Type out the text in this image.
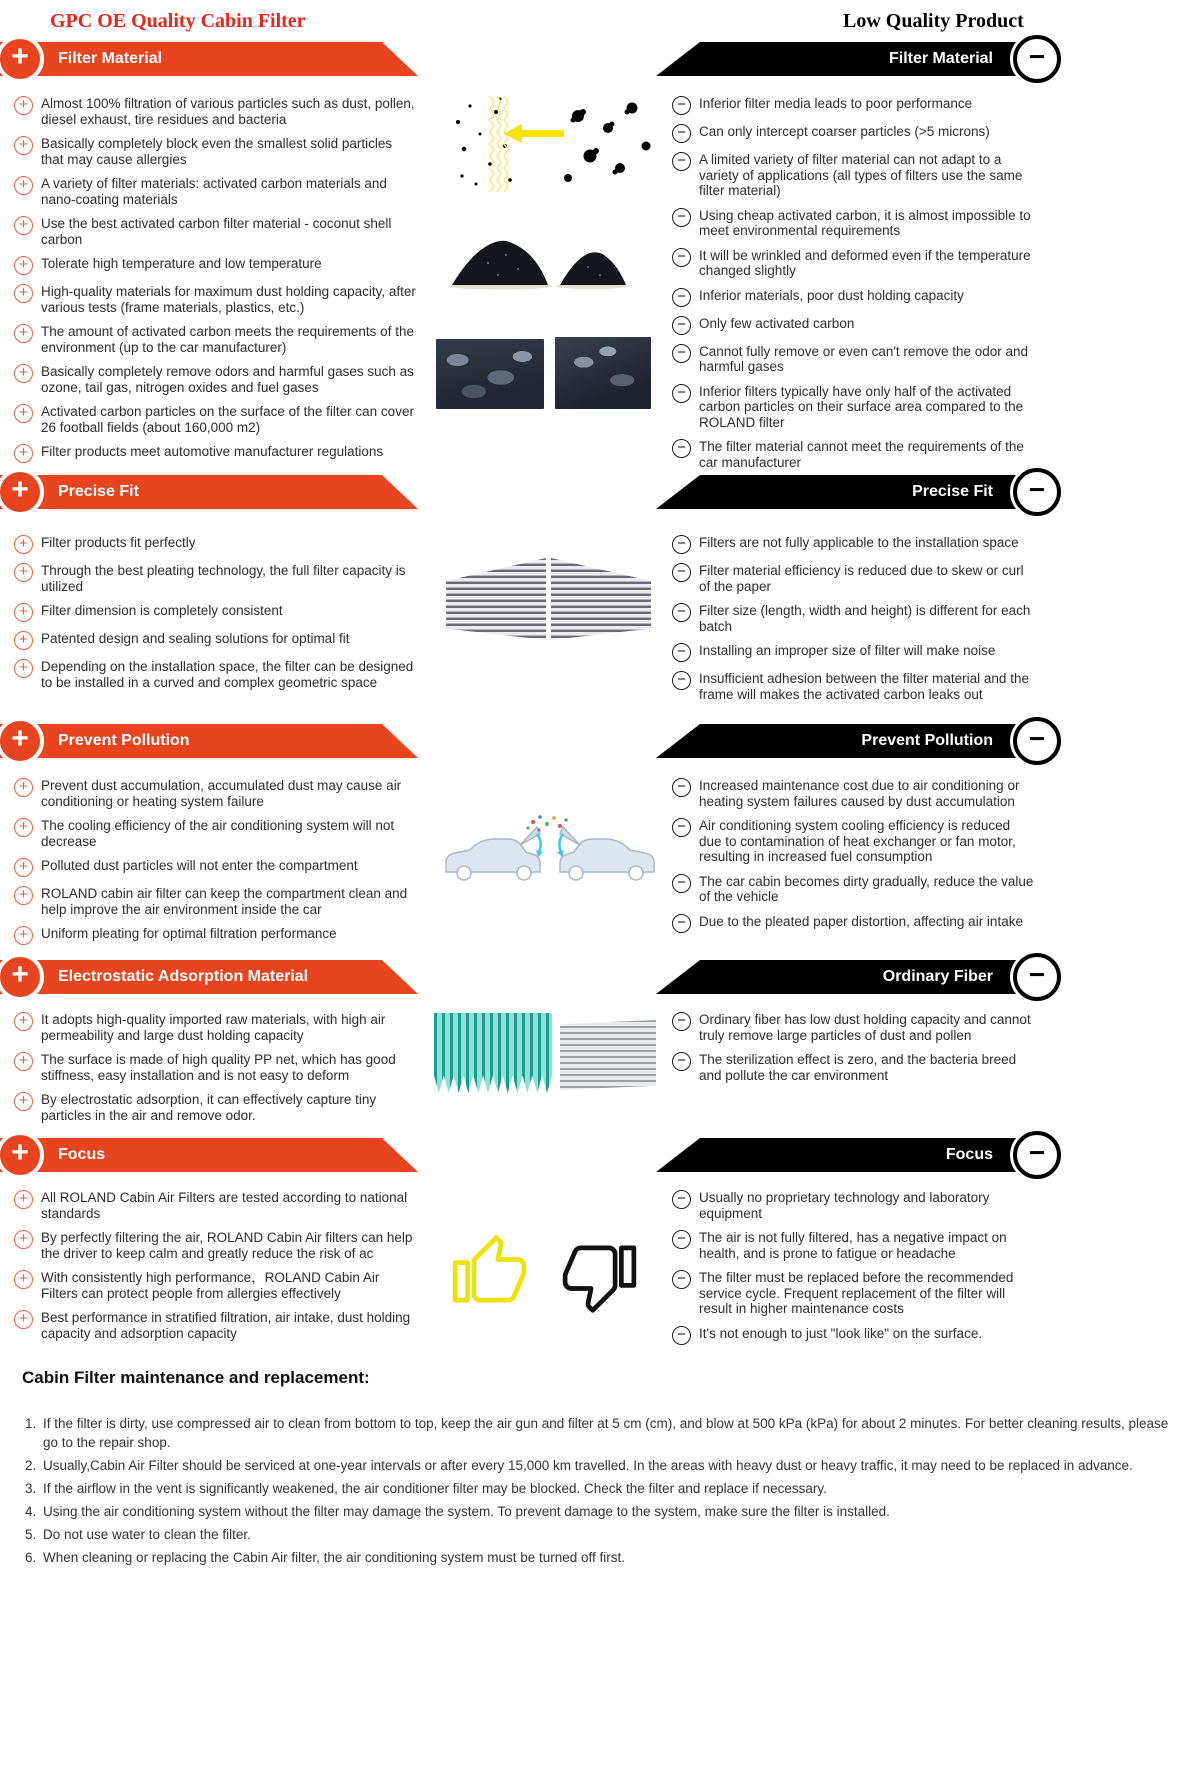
GPC OE Quality Cabin Filter	Low Quality Product
+	Filter Material	−
Filter Material
+ Almost 100% filtration of various particles such as dust, pollen, diesel exhaust, tire residues and bacteria
+ Basically completely block even the smallest solid particles that may cause allergies
+ A variety of filter materials: activated carbon materials and nano-coating materials
+ Use the best activated carbon filter material - coconut shell carbon
+ Tolerate high temperature and low temperature
+ High-quality materials for maximum dust holding capacity, after various tests (frame materials, plastics, etc.)
+ The amount of activated carbon meets the requirements of the environment (up to the car manufacturer)
+ Basically completely remove odors and harmful gases such as ozone, tail gas, nitrogen oxides and fuel gases
+ Activated carbon particles on the surface of the filter can cover 26 football fields (about 160,000 m2)
+ Filter products meet automotive manufacturer regulations
− Inferior filter media leads to poor performance
− Can only intercept coarser particles (>5 microns)
− A limited variety of filter material can not adapt to a variety of applications (all types of filters use the same filter material)
− Using cheap activated carbon, it is almost impossible to meet environmental requirements
− It will be wrinkled and deformed even if the temperature changed slightly
− Inferior materials, poor dust holding capacity
− Only few activated carbon
− Cannot fully remove or even can't remove the odor and harmful gases
− Inferior filters typically have only half of the activated carbon particles on their surface area compared to the ROLAND filter
− The filter material cannot meet the requirements of the car manufacturer
+	Precise Fit	−
Precise Fit
+ Filter products fit perfectly
+ Through the best pleating technology, the full filter capacity is utilized
+ Filter dimension is completely consistent
+ Patented design and sealing solutions for optimal fit
+ Depending on the installation space, the filter can be designed to be installed in a curved and complex geometric space
− Filters are not fully applicable to the installation space
− Filter material efficiency is reduced due to skew or curl of the paper
− Filter size (length, width and height) is different for each batch
− Installing an improper size of filter will make noise
− Insufficient adhesion between the filter material and the frame will makes the activated carbon leaks out
+	Prevent Pollution	−
Prevent Pollution
+ Prevent dust accumulation, accumulated dust may cause air conditioning or heating system failure
+ The cooling efficiency of the air conditioning system will not decrease
+ Polluted dust particles will not enter the compartment
+ ROLAND cabin air filter can keep the compartment clean and help improve the air environment inside the car
+ Uniform pleating for optimal filtration performance
− Increased maintenance cost due to air conditioning or heating system failures caused by dust accumulation
− Air conditioning system cooling efficiency is reduced due to contamination of heat exchanger or fan motor, resulting in increased fuel consumption
− The car cabin becomes dirty gradually, reduce the value of the vehicle
− Due to the pleated paper distortion, affecting air intake
+	Electrostatic Adsorption Material	−
Ordinary Fiber
+ It adopts high-quality imported raw materials, with high air permeability and large dust holding capacity
+ The surface is made of high quality PP net, which has good stiffness, easy installation and is not easy to deform
+ By electrostatic adsorption, it can effectively capture tiny particles in the air and remove odor.
− Ordinary fiber has low dust holding capacity and cannot truly remove large particles of dust and pollen
− The sterilization effect is zero, and the bacteria breed and pollute the car environment
+	Focus	−
Focus
+ All ROLAND Cabin Air Filters are tested according to national standards
+ By perfectly filtering the air, ROLAND Cabin Air filters can help the driver to keep calm and greatly reduce the risk of ac
+ With consistently high performance，ROLAND Cabin Air Filters can protect people from allergies effectively
+ Best performance in stratified filtration, air intake, dust holding capacity and adsorption capacity
− Usually no proprietary technology and laboratory equipment
− The air is not fully filtered, has a negative impact on health, and is prone to fatigue or headache
− The filter must be replaced before the recommended service cycle. Frequent replacement of the filter will result in higher maintenance costs
− It's not enough to just "look like" on the surface.
Cabin Filter maintenance and replacement:
If the filter is dirty, use compressed air to clean from bottom to top, keep the air gun and filter at 5 cm (cm), and blow at 500 kPa (kPa) for about 2 minutes. For better cleaning results, please go to the repair shop.
Usually,Cabin Air Filter should be serviced at one-year intervals or after every 15,000 km travelled. In the areas with heavy dust or heavy traffic, it may need to be replaced in advance.
If the airflow in the vent is significantly weakened, the air conditioner filter may be blocked. Check the filter and replace if necessary.
Using the air conditioning system without the filter may damage the system. To prevent damage to the system, make sure the filter is installed.
Do not use water to clean the filter.
When cleaning or replacing the Cabin Air filter, the air conditioning system must be turned off first.
